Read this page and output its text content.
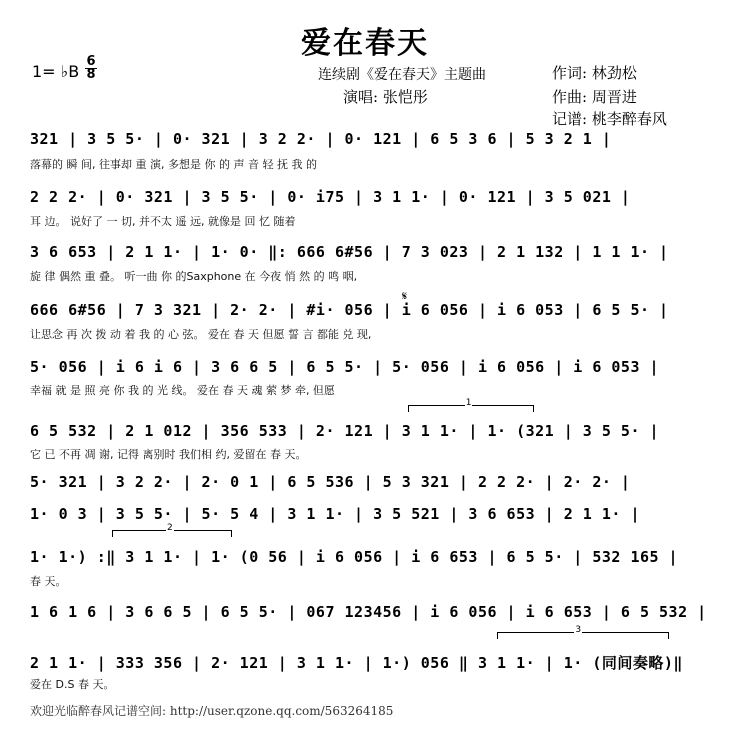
爱在春天
1= ♭B
6
8	连续剧《爱在春天》主题曲
演唱: 张恺彤
作词: 林劲松
作曲: 周晋进
记谱: 桃李醉春风
321 | 3 5 5· | 0· 321 | 3 2 2· | 0· 121 | 6 5 3 6 | 5 3 2 1 |
落幕的 瞬 间, 往事却 重 演, 多想是 你 的 声 音 轻 抚 我 的
2 2 2· | 0· 321 | 3 5 5· | 0· i75 | 3 1 1· | 0· 121 | 3 5 021 |
耳 边。 说好了 一 切, 并不太 遥 远, 就像是 回 忆 随着
3 6 653 | 2 1 1· | 1· 0· ‖: 666 6#56 | 7 3 023 | 2 1 132 | 1 1 1· |
旋 律 偶然 重 叠。 听一曲 你 的Saxphone 在 今夜 悄 然 的 鸣 咽,
𝄋
666 6#56 | 7 3 321 | 2· 2· | #i· 056 | i 6 056 | i 6 053 | 6 5 5· |
让思念 再 次 拨 动 着 我 的 心 弦。 爱在 春 天 但愿 誓 言 都能 兑 现,
5· 056 | i 6 i 6 | 3 6 6 5 | 6 5 5· | 5· 056 | i 6 056 | i 6 053 |
幸福 就 是 照 亮 你 我 的 光 线。 爱在 春 天 魂 萦 梦 牵, 但愿
1
6 5 532 | 2 1 012 | 356 533 | 2· 121 | 3 1 1· | 1· (321 | 3 5 5· |
它 已 不再 凋 谢, 记得 离别时 我们相 约, 爱留在 春 天。
5· 321 | 3 2 2· | 2· 0 1 | 6 5 536 | 5 3 321 | 2 2 2· | 2· 2· |
1· 0 3 | 3 5 5· | 5· 5 4 | 3 1 1· | 3 5 521 | 3 6 653 | 2 1 1· |
2
1· 1·) :‖ 3 1 1· | 1· (0 56 | i 6 056 | i 6 653 | 6 5 5· | 532 165 |
春 天。
1 6 1 6 | 3 6 6 5 | 6 5 5· | 067 123456 | i 6 056 | i 6 653 | 6 5 532 |
3
2 1 1· | 333 356 | 2· 121 | 3 1 1· | 1·) 056 ‖ 3 1 1· | 1· (同间奏略)‖
爱在 D.S 春 天。
欢迎光临醉春风记谱空间: http://user.qzone.qq.com/563264185
